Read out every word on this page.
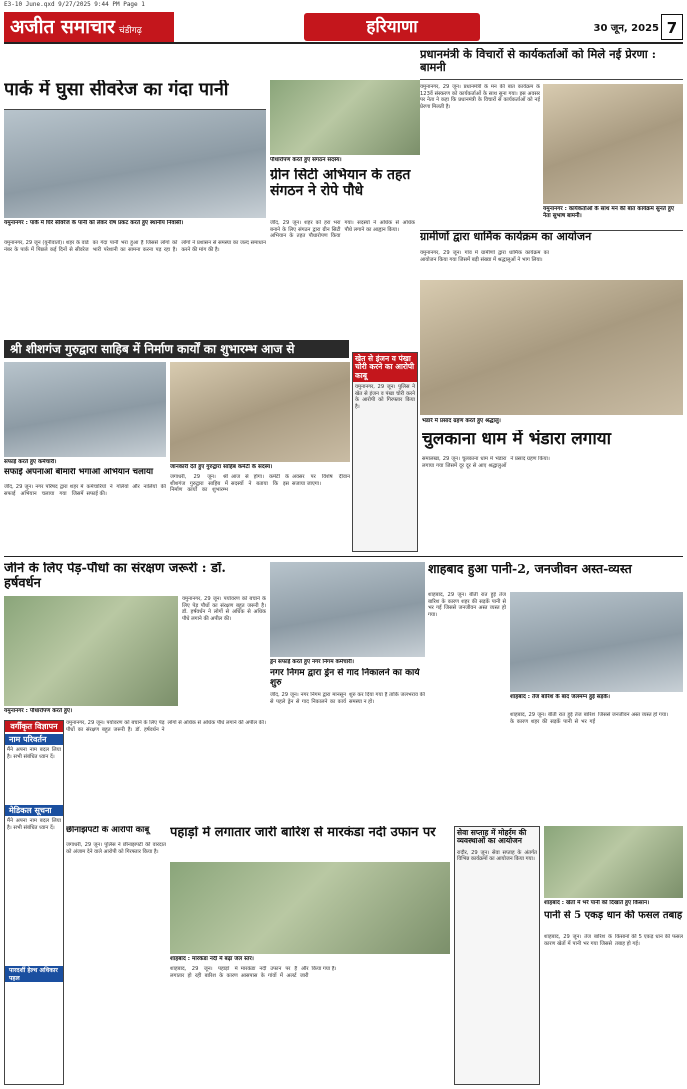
E3-10 June.qxd 9/27/2025 9:44 PM Page 1
अजीत समाचार चंडीगढ़	हरियाणा	30 जून, 2025 7
पार्क में घुसा सीवरेज का गंदा पानी
यमुनानगर : पार्क में घिरे सीवरेज के पानी को लेकर रोष प्रकट करते हुए स्थानीय निवासी।
यमुनानगर, 29 जून (यूनीवार्ता)। शहर के वार्ड नंबर के पार्क में पिछले कई दिनों से सीवरेज का गंदा पानी भरा हुआ है जिससे लोगों को भारी परेशानी का सामना करना पड़ रहा है। लोगों ने प्रशासन से समस्या का जल्द समाधान करने की मांग की है।
पौधारोपण करते हुए संगठन सदस्य।
ग्रीन सिटी अभियान के तहत संगठन ने रोपे पौधे
जींद, 29 जून। शहर को हरा भरा बनाने के लिए संगठन द्वारा ग्रीन सिटी अभियान के तहत पौधारोपण किया गया। सदस्यों ने अधिक से अधिक पौधे लगाने का आह्वान किया।
प्रधानमंत्री के विचारों से कार्यकर्ताओं को मिले नई प्रेरणा : बामनी
यमुनानगर, 29 जून। प्रधानमंत्री के मन की बात कार्यक्रम के 123वें संस्करण को कार्यकर्ताओं के साथ सुना गया। इस अवसर पर नेता ने कहा कि प्रधानमंत्री के विचारों से कार्यकर्ताओं को नई प्रेरणा मिलती है।
यमुनानगर : कार्यकर्ताओं के साथ मन की बात कार्यक्रम सुनते हुए नेता सुभाष बामनी।
ग्रामीणों द्वारा धार्मिक कार्यक्रम का आयोजन
यमुनानगर, 29 जून। गांव में ग्रामीणों द्वारा धार्मिक कार्यक्रम का आयोजन किया गया जिसमें बड़ी संख्या में श्रद्धालुओं ने भाग लिया।
श्री शीशगंज गुरुद्वारा साहिब में निर्माण कार्यों का शुभारम्भ आज से
जानकारी देते हुए गुरुद्वारा साहिब कमेटी के सदस्य।
जगाधरी, 29 जून। श्री शीशगंज गुरुद्वारा साहिब में निर्माण कार्यों का शुभारम्भ आज से होगा। कमेटी के सदस्यों ने बताया कि इस अवसर पर विशेष दीवान सजाया जाएगा।
सफाई करते हुए कर्मचारी।
सफाई अपनाओ बीमारी भगाओ अभियान चलाया
जींद, 29 जून। नगर परिषद द्वारा शहर में सफाई अभियान चलाया गया जिसमें कर्मचारियों ने गलियों और नालियों की सफाई की।
खेत से इंजन व पंखा चोरी करने का आरोपी काबू
यमुनानगर, 29 जून। पुलिस ने खेत से इंजन व पंखा चोरी करने के आरोपी को गिरफ्तार किया है।
भंडारे में प्रसाद ग्रहण करते हुए श्रद्धालु।
चुलकाना धाम में भंडारा लगाया
समालखा, 29 जून। चुलकाना धाम में भंडारा लगाया गया जिसमें दूर दूर से आए श्रद्धालुओं ने प्रसाद ग्रहण किया।
जीने के लिए पेड़-पौधों का संरक्षण जरूरी : डॉ. हर्षवर्धन
यमुनानगर : पौधारोपण करते हुए।
यमुनानगर, 29 जून। पर्यावरण को बचाने के लिए पेड़ पौधों का संरक्षण बहुत जरूरी है। डॉ. हर्षवर्धन ने लोगों से अधिक से अधिक पौधे लगाने की अपील की।
यमुनानगर, 29 जून। पर्यावरण को बचाने के लिए पेड़ पौधों का संरक्षण बहुत जरूरी है। डॉ. हर्षवर्धन ने लोगों से अधिक से अधिक पौधे लगाने की अपील की।
वर्गीकृत विज्ञापन
नाम परिवर्तन
मैंने अपना नाम बदल लिया है। सभी संबंधित ध्यान दें।
मेडिकल सूचना
मैंने अपना नाम बदल लिया है। सभी संबंधित ध्यान दें।
पारदर्शी हेल्थ अधिकार पहल
ड्रेन सफाई करते हुए नगर निगम कर्मचारी।
नगर निगम द्वारा ड्रेन से गाद निकालने का कार्य शुरु
जींद, 29 जून। नगर निगम द्वारा मानसून से पहले ड्रेन से गाद निकालने का कार्य शुरु कर दिया गया है ताकि जलभराव की समस्या न हो।
शाहबाद हुआ पानी-2, जनजीवन अस्त-व्यस्त
शाहबाद, 29 जून। बीती रात हुई तेज बारिश के कारण शहर की सड़कें पानी से भर गईं जिससे जनजीवन अस्त व्यस्त हो गया।
शाहबाद : तेज बारिश के बाद जलमग्न हुई सड़कें।
शाहबाद, 29 जून। बीती रात हुई तेज बारिश के कारण शहर की सड़कें पानी से भर गईं जिससे जनजीवन अस्त व्यस्त हो गया।
छीनाझपटी के आरोपी काबू
जगाधरी, 29 जून। पुलिस ने छीनाझपटी की वारदात को अंजाम देने वाले आरोपी को गिरफ्तार किया है।
पहाड़ों में लगातार जारी बारिश से मारकंडा नदी उफान पर
शाहबाद : मारकंडा नदी में बढ़ा जल स्तर।
शाहबाद, 29 जून। पहाड़ों में लगातार हो रही बारिश के कारण मारकंडा नदी उफान पर है और आसपास के गांवों में अलर्ट जारी किया गया है।
सेवा सप्ताह में मोहर्रम की व्यवस्थाओं का आयोजन
रादौर, 29 जून। सेवा सप्ताह के अंतर्गत विभिन्न कार्यक्रमों का आयोजन किया गया।
शाहबाद : खेतों में भरे पानी को दिखाते हुए किसान।
पानी से 5 एकड़ धान की फसल तबाह
शाहबाद, 29 जून। तेज बारिश के कारण खेतों में पानी भर गया जिससे किसानों की 5 एकड़ धान की फसल तबाह हो गई।
